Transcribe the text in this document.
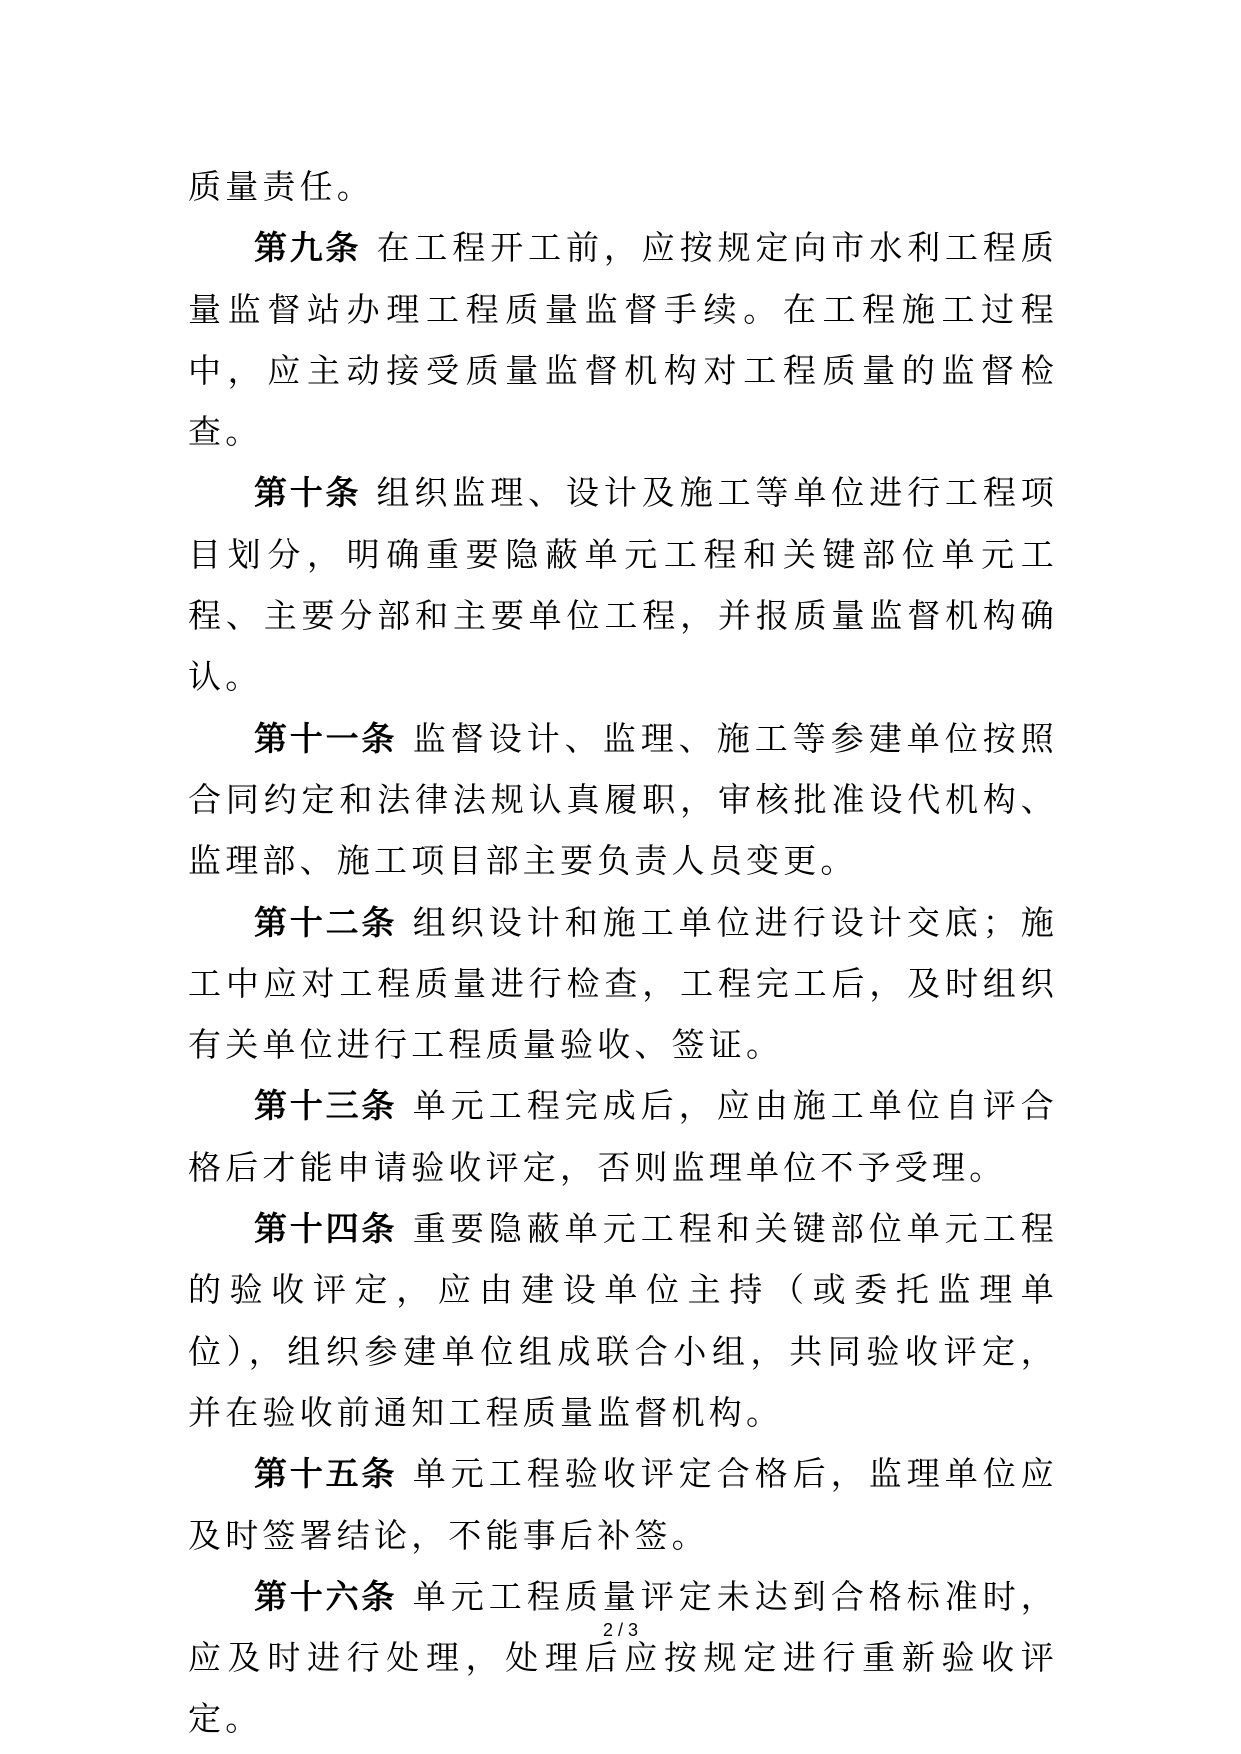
质量责任。

第九条 在工程开工前，应按规定向市水利工程质量监督站办理工程质量监督手续。在工程施工过程中，应主动接受质量监督机构对工程质量的监督检查。

第十条 组织监理、设计及施工等单位进行工程项目划分，明确重要隐蔽单元工程和关键部位单元工程、主要分部和主要单位工程，并报质量监督机构确认。

第十一条 监督设计、监理、施工等参建单位按照合同约定和法律法规认真履职，审核批准设代机构、监理部、施工项目部主要负责人员变更。

第十二条 组织设计和施工单位进行设计交底；施工中应对工程质量进行检查，工程完工后，及时组织有关单位进行工程质量验收、签证。

第十三条 单元工程完成后，应由施工单位自评合格后才能申请验收评定，否则监理单位不予受理。

第十四条 重要隐蔽单元工程和关键部位单元工程的验收评定，应由建设单位主持（或委托监理单位），组织参建单位组成联合小组，共同验收评定，并在验收前通知工程质量监督机构。

第十五条 单元工程验收评定合格后，监理单位应及时签署结论，不能事后补签。

第十六条 单元工程质量评定未达到合格标准时，应及时进行处理，处理后应按规定进行重新验收评定。

2 / 3
